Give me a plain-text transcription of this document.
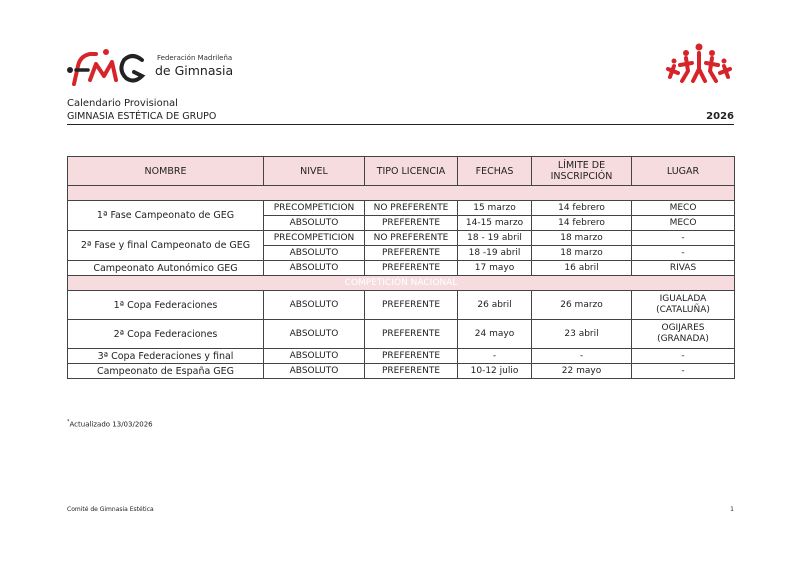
Federación Madrileña
de Gimnasia
Calendario Provisional
GIMNASIA ESTÉTICA DE GRUPO	2026
NOMBRE	NIVEL	TIPO LICENCIA	FECHAS	LÍMITE DE INSCRIPCIÓN	LUGAR

1ª Fase Campeonato de GEG	PRECOMPETICION	NO PREFERENTE	15 marzo	14 febrero	MECO
	ABSOLUTO	PREFERENTE	14-15 marzo	14 febrero	MECO
2ª Fase y final Campeonato de GEG	PRECOMPETICION	NO PREFERENTE	18 - 19 abril	18 marzo	-
	ABSOLUTO	PREFERENTE	18 -19 abril	18 marzo	-
Campeonato Autonómico GEG	ABSOLUTO	PREFERENTE	17 mayo	16 abril	RIVAS
COMPETICIÓN NACIONAL					
1ª Copa Federaciones	ABSOLUTO	PREFERENTE	26 abril	26 marzo	IGUALADA
(CATALUÑA)

2ª Copa Federaciones	ABSOLUTO	PREFERENTE	24 mayo	23 abril	OGIJARES
(GRANADA)

3ª Copa Federaciones y final	ABSOLUTO	PREFERENTE	-	-	-
Campeonato de España GEG	ABSOLUTO	PREFERENTE	10-12 julio	22 mayo	-
*Actualizado 13/03/2026
Comité de Gimnasia Estética	1
